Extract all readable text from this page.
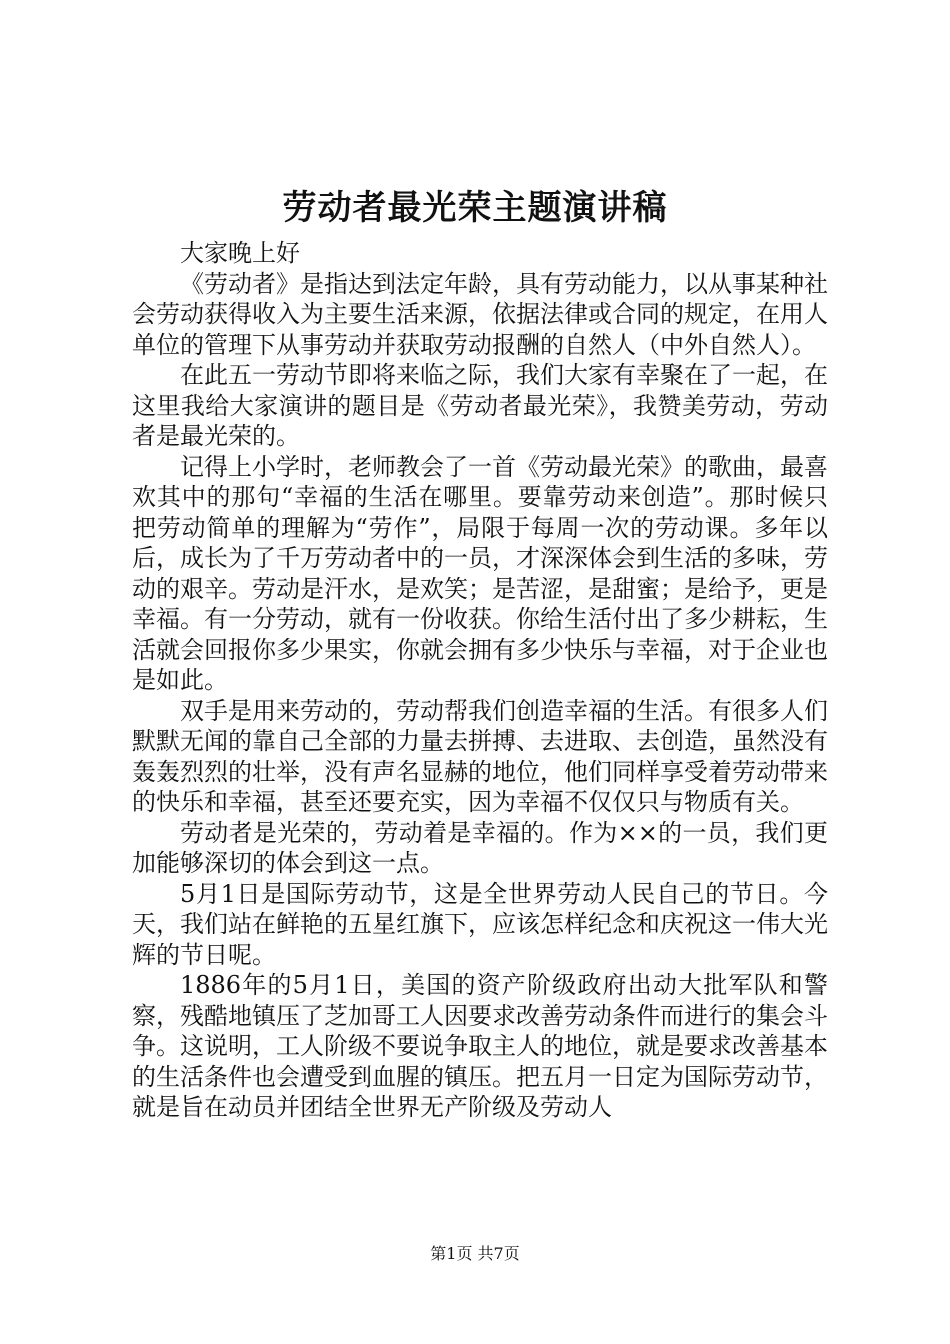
劳动者最光荣主题演讲稿

大家晚上好

《劳动者》是指达到法定年龄，具有劳动能力，以从事某种社会劳动获得收入为主要生活来源，依据法律或合同的规定，在用人单位的管理下从事劳动并获取劳动报酬的自然人（中外自然人）。

在此五一劳动节即将来临之际，我们大家有幸聚在了一起，在这里我给大家演讲的题目是《劳动者最光荣》，我赞美劳动，劳动者是最光荣的。

记得上小学时，老师教会了一首《劳动最光荣》的歌曲，最喜欢其中的那句“幸福的生活在哪里。要靠劳动来创造”。那时候只把劳动简单的理解为“劳作”，局限于每周一次的劳动课。多年以后，成长为了千万劳动者中的一员，才深深体会到生活的多味，劳动的艰辛。劳动是汗水，是欢笑；是苦涩，是甜蜜；是给予，更是幸福。有一分劳动，就有一份收获。你给生活付出了多少耕耘，生活就会回报你多少果实，你就会拥有多少快乐与幸福，对于企业也是如此。

双手是用来劳动的，劳动帮我们创造幸福的生活。有很多人们默默无闻的靠自己全部的力量去拼搏、去进取、去创造，虽然没有轰轰烈烈的壮举，没有声名显赫的地位，他们同样享受着劳动带来的快乐和幸福，甚至还要充实，因为幸福不仅仅只与物质有关。

劳动者是光荣的，劳动着是幸福的。作为××的一员，我们更加能够深切的体会到这一点。

5月1日是国际劳动节，这是全世界劳动人民自己的节日。今天，我们站在鲜艳的五星红旗下，应该怎样纪念和庆祝这一伟大光辉的节日呢。

1886年的5月1日，美国的资产阶级政府出动大批军队和警察，残酷地镇压了芝加哥工人因要求改善劳动条件而进行的集会斗争。这说明，工人阶级不要说争取主人的地位，就是要求改善基本的生活条件也会遭受到血腥的镇压。把五月一日定为国际劳动节，就是旨在动员并团结全世界无产阶级及劳动人

第1页 共7页
